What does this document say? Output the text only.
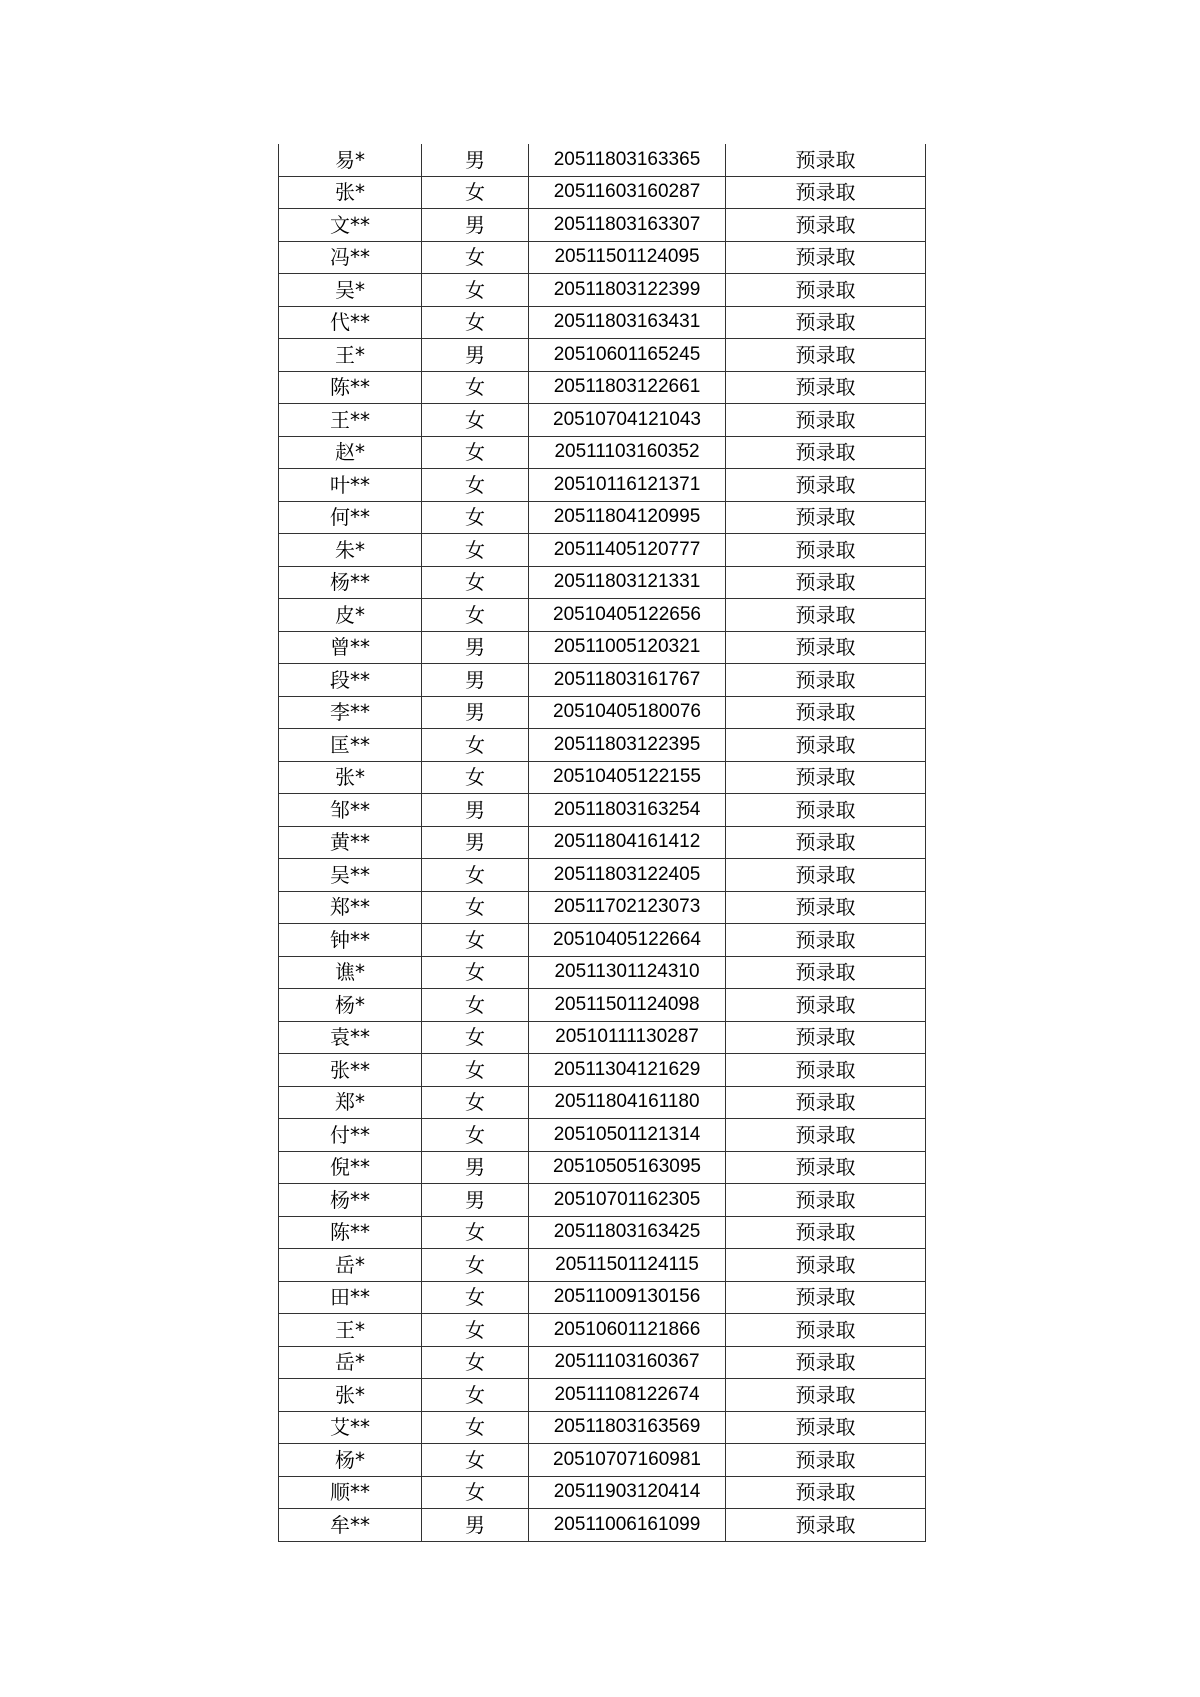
易*	男	20511803163365	预录取
张*	女	20511603160287	预录取
文**	男	20511803163307	预录取
冯**	女	20511501124095	预录取
吴*	女	20511803122399	预录取
代**	女	20511803163431	预录取
王*	男	20510601165245	预录取
陈**	女	20511803122661	预录取
王**	女	20510704121043	预录取
赵*	女	20511103160352	预录取
叶**	女	20510116121371	预录取
何**	女	20511804120995	预录取
朱*	女	20511405120777	预录取
杨**	女	20511803121331	预录取
皮*	女	20510405122656	预录取
曾**	男	20511005120321	预录取
段**	男	20511803161767	预录取
李**	男	20510405180076	预录取
匡**	女	20511803122395	预录取
张*	女	20510405122155	预录取
邹**	男	20511803163254	预录取
黄**	男	20511804161412	预录取
吴**	女	20511803122405	预录取
郑**	女	20511702123073	预录取
钟**	女	20510405122664	预录取
谯*	女	20511301124310	预录取
杨*	女	20511501124098	预录取
袁**	女	20510111130287	预录取
张**	女	20511304121629	预录取
郑*	女	20511804161180	预录取
付**	女	20510501121314	预录取
倪**	男	20510505163095	预录取
杨**	男	20510701162305	预录取
陈**	女	20511803163425	预录取
岳*	女	20511501124115	预录取
田**	女	20511009130156	预录取
王*	女	20510601121866	预录取
岳*	女	20511103160367	预录取
张*	女	20511108122674	预录取
艾**	女	20511803163569	预录取
杨*	女	20510707160981	预录取
顺**	女	20511903120414	预录取
牟**	男	20511006161099	预录取
